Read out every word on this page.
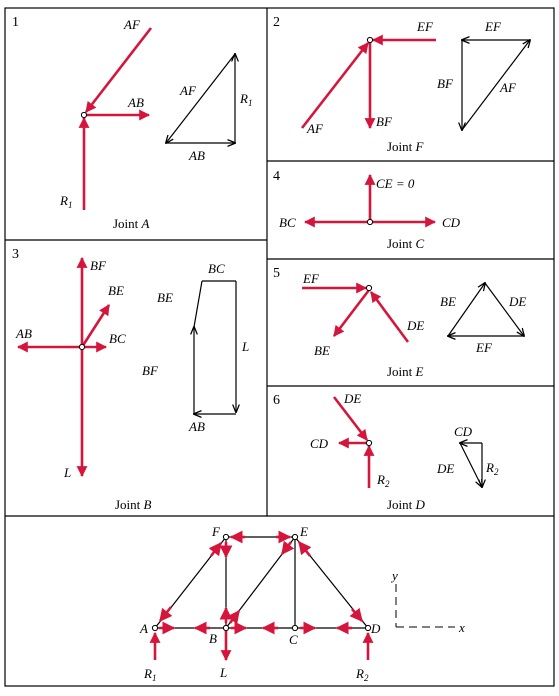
1	AF
AB
$R_1$
AF
$R_1$
AB
Joint A
2	EF
AF	BF
EF
BF	AF
Joint F
3
BF
BE
BC
AB
L
BC
BE
BF
L
AB
Joint B
4	CE = 0
BC	CD
Joint C
5 EF
BE
DE
BE	DE
EF
Joint E
6	DE
CD
$R_2$
CD
DE $R_2$
Joint D
A
B	C
D
E
F
$R_1$	L	$R_2$
y
x
